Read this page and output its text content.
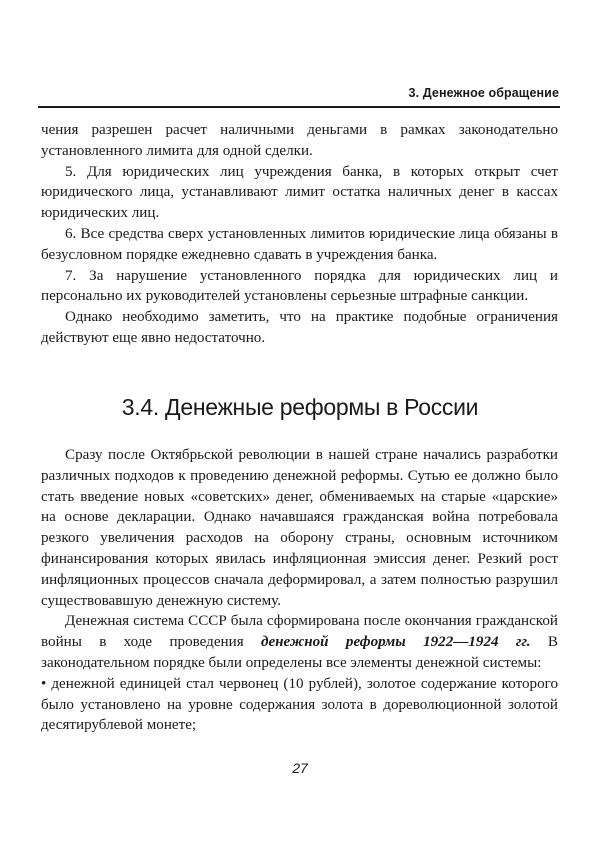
3. Денежное обращение

чения разрешен расчет наличными деньгами в рамках законодательно установленного лимита для одной сделки.

5. Для юридических лиц учреждения банка, в которых открыт счет юридического лица, устанавливают лимит остатка наличных денег в кассах юридических лиц.

6. Все средства сверх установленных лимитов юридические лица обязаны в безусловном порядке ежедневно сдавать в учреждения банка.

7. За нарушение установленного порядка для юридических лиц и персонально их руководителей установлены серьезные штрафные санкции.

Однако необходимо заметить, что на практике подобные ограничения действуют еще явно недостаточно.

3.4. Денежные реформы в России

Сразу после Октябрьской революции в нашей стране начались разработки различных подходов к проведению денежной реформы. Сутью ее должно было стать введение новых «советских» денег, обмениваемых на старые «царские» на основе декларации. Однако начавшаяся гражданская война потребовала резкого увеличения расходов на оборону страны, основным источником финансирования которых явилась инфляционная эмиссия денег. Резкий рост инфляционных процессов сначала деформировал, а затем полностью разрушил существовавшую денежную систему.

Денежная система СССР была сформирована после окончания гражданской войны в ходе проведения денежной реформы 1922—1924 гг. В законодательном порядке были определены все элементы денежной системы:

• денежной единицей стал червонец (10 рублей), золотое содержание которого было установлено на уровне содержания золота в дореволюционной золотой десятирублевой монете;

27
